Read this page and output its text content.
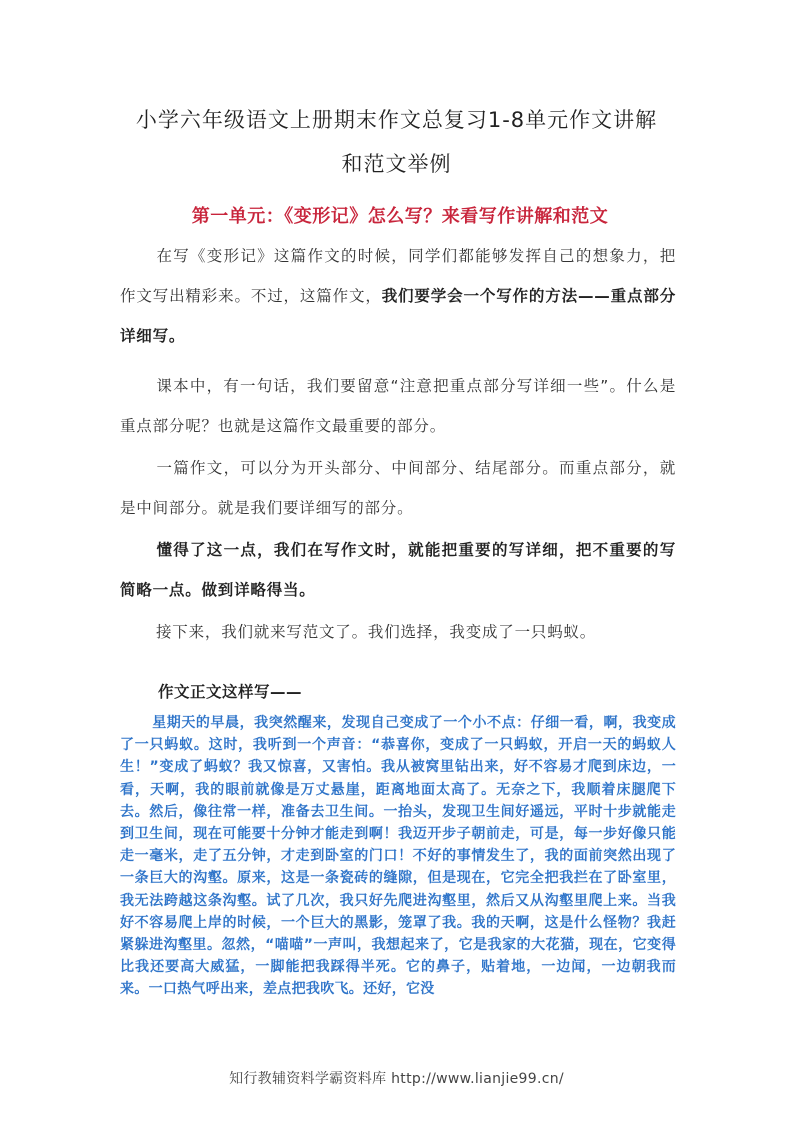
小学六年级语文上册期末作文总复习1-8单元作文讲解
和范文举例
第一单元：《变形记》怎么写？来看写作讲解和范文
在写《变形记》这篇作文的时候，同学们都能够发挥自己的想象力，把作文写出精彩来。不过，这篇作文，我们要学会一个写作的方法——重点部分详细写。
课本中，有一句话，我们要留意“注意把重点部分写详细一些”。什么是重点部分呢？也就是这篇作文最重要的部分。
一篇作文，可以分为开头部分、中间部分、结尾部分。而重点部分，就是中间部分。就是我们要详细写的部分。
懂得了这一点，我们在写作文时，就能把重要的写详细，把不重要的写简略一点。做到详略得当。
接下来，我们就来写范文了。我们选择，我变成了一只蚂蚁。
作文正文这样写——
星期天的早晨，我突然醒来，发现自己变成了一个小不点：仔细一看，啊，我变成了一只蚂蚁。这时，我听到一个声音：“恭喜你，变成了一只蚂蚁，开启一天的蚂蚁人生！”变成了蚂蚁？我又惊喜，又害怕。我从被窝里钻出来，好不容易才爬到床边，一看，天啊，我的眼前就像是万丈悬崖，距离地面太高了。无奈之下，我顺着床腿爬下去。然后，像往常一样，准备去卫生间。一抬头，发现卫生间好遥远，平时十步就能走到卫生间，现在可能要十分钟才能走到啊！我迈开步子朝前走，可是，每一步好像只能走一毫米，走了五分钟，才走到卧室的门口！不好的事情发生了，我的面前突然出现了一条巨大的沟壑。原来，这是一条瓷砖的缝隙，但是现在，它完全把我拦在了卧室里，我无法跨越这条沟壑。试了几次，我只好先爬进沟壑里，然后又从沟壑里爬上来。当我好不容易爬上岸的时候，一个巨大的黑影，笼罩了我。我的天啊，这是什么怪物？我赶紧躲进沟壑里。忽然，“喵喵”一声叫，我想起来了，它是我家的大花猫，现在，它变得比我还要高大威猛，一脚能把我踩得半死。它的鼻子，贴着地，一边闻，一边朝我而来。一口热气呼出来，差点把我吹飞。还好，它没
知行教辅资料学霸资料库 http://www.lianjie99.cn/
